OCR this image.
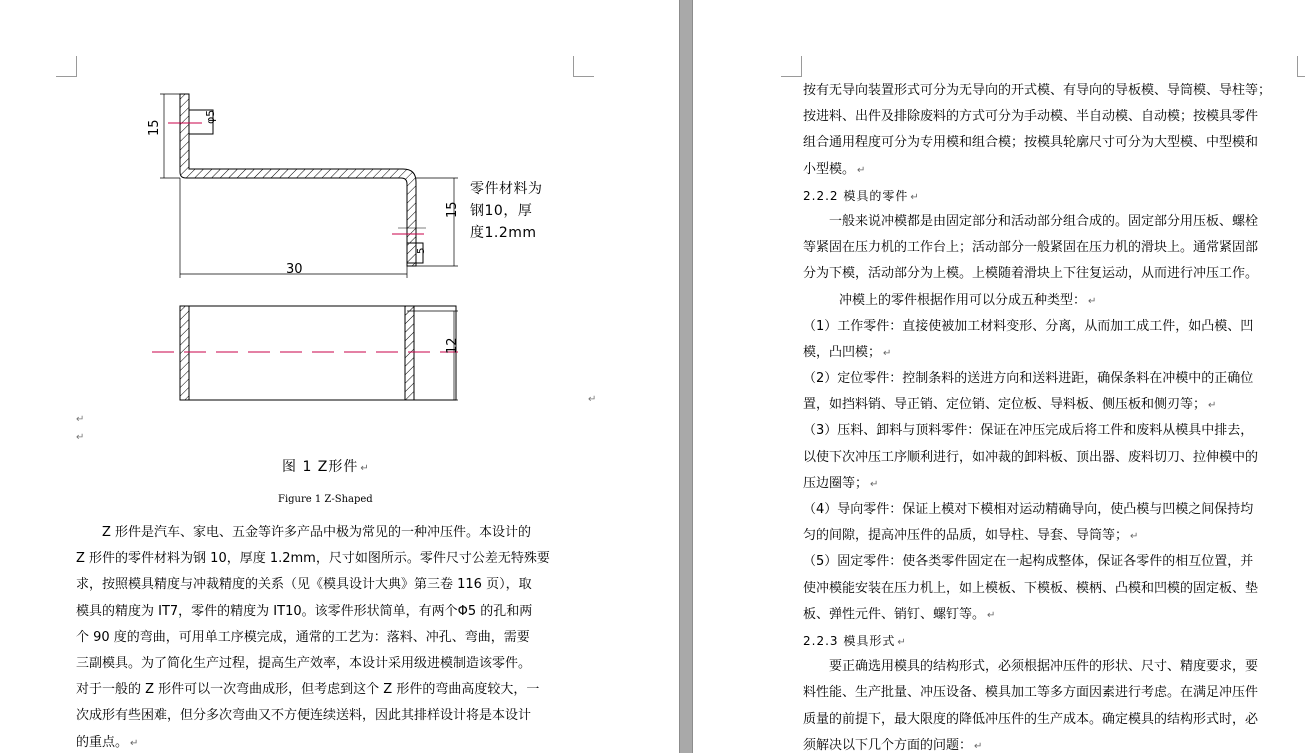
15
φ5
15
5
30
12
零件材料为
钢10，厚
度1.2mm
↵
↵
↵
图 1 Z形件 ↵
Figure 1 Z-Shaped
Z 形件是汽车、家电、五金等许多产品中极为常见的一种冲压件。本设计的
Z 形件的零件材料为钢 10，厚度 1.2mm，尺寸如图所示。零件尺寸公差无特殊要
求，按照模具精度与冲裁精度的关系（见《模具设计大典》第三卷 116 页），取
模具的精度为 IT7，零件的精度为 IT10。该零件形状简单，有两个Φ5 的孔和两
个 90 度的弯曲，可用单工序模完成，通常的工艺为：落料、冲孔、弯曲，需要
三副模具。为了简化生产过程，提高生产效率，本设计采用级进模制造该零件。
对于一般的 Z 形件可以一次弯曲成形，但考虑到这个 Z 形件的弯曲高度较大，一
次成形有些困难，但分多次弯曲又不方便连续送料，因此其排样设计将是本设计
的重点。 ↵
按有无导向装置形式可分为无导向的开式模、有导向的导板模、导筒模、导柱等；
按进料、出件及排除废料的方式可分为手动模、半自动模、自动模；按模具零件
组合通用程度可分为专用模和组合模；按模具轮廓尺寸可分为大型模、中型模和
小型模。 ↵
2.2.2 模具的零件 ↵
一般来说冲模都是由固定部分和活动部分组合成的。固定部分用压板、螺栓
等紧固在压力机的工作台上；活动部分一般紧固在压力机的滑块上。通常紧固部
分为下模，活动部分为上模。上模随着滑块上下往复运动，从而进行冲压工作。
冲模上的零件根据作用可以分成五种类型： ↵
（1）工作零件：直接使被加工材料变形、分离，从而加工成工件，如凸模、凹
模，凸凹模； ↵
（2）定位零件：控制条料的送进方向和送料进距，确保条料在冲模中的正确位
置，如挡料销、导正销、定位销、定位板、导料板、侧压板和侧刃等； ↵
（3）压料、卸料与顶料零件：保证在冲压完成后将工件和废料从模具中排去，
以使下次冲压工序顺利进行，如冲裁的卸料板、顶出器、废料切刀、拉伸模中的
压边圈等； ↵
（4）导向零件：保证上模对下模相对运动精确导向，使凸模与凹模之间保持均
匀的间隙，提高冲压件的品质，如导柱、导套、导筒等； ↵
（5）固定零件：使各类零件固定在一起构成整体，保证各零件的相互位置，并
使冲模能安装在压力机上，如上模板、下模板、模柄、凸模和凹模的固定板、垫
板、弹性元件、销钉、螺钉等。 ↵
2.2.3 模具形式 ↵
要正确选用模具的结构形式，必须根据冲压件的形状、尺寸、精度要求，要
料性能、生产批量、冲压设备、模具加工等多方面因素进行考虑。在满足冲压件
质量的前提下，最大限度的降低冲压件的生产成本。确定模具的结构形式时，必
须解决以下几个方面的问题： ↵
